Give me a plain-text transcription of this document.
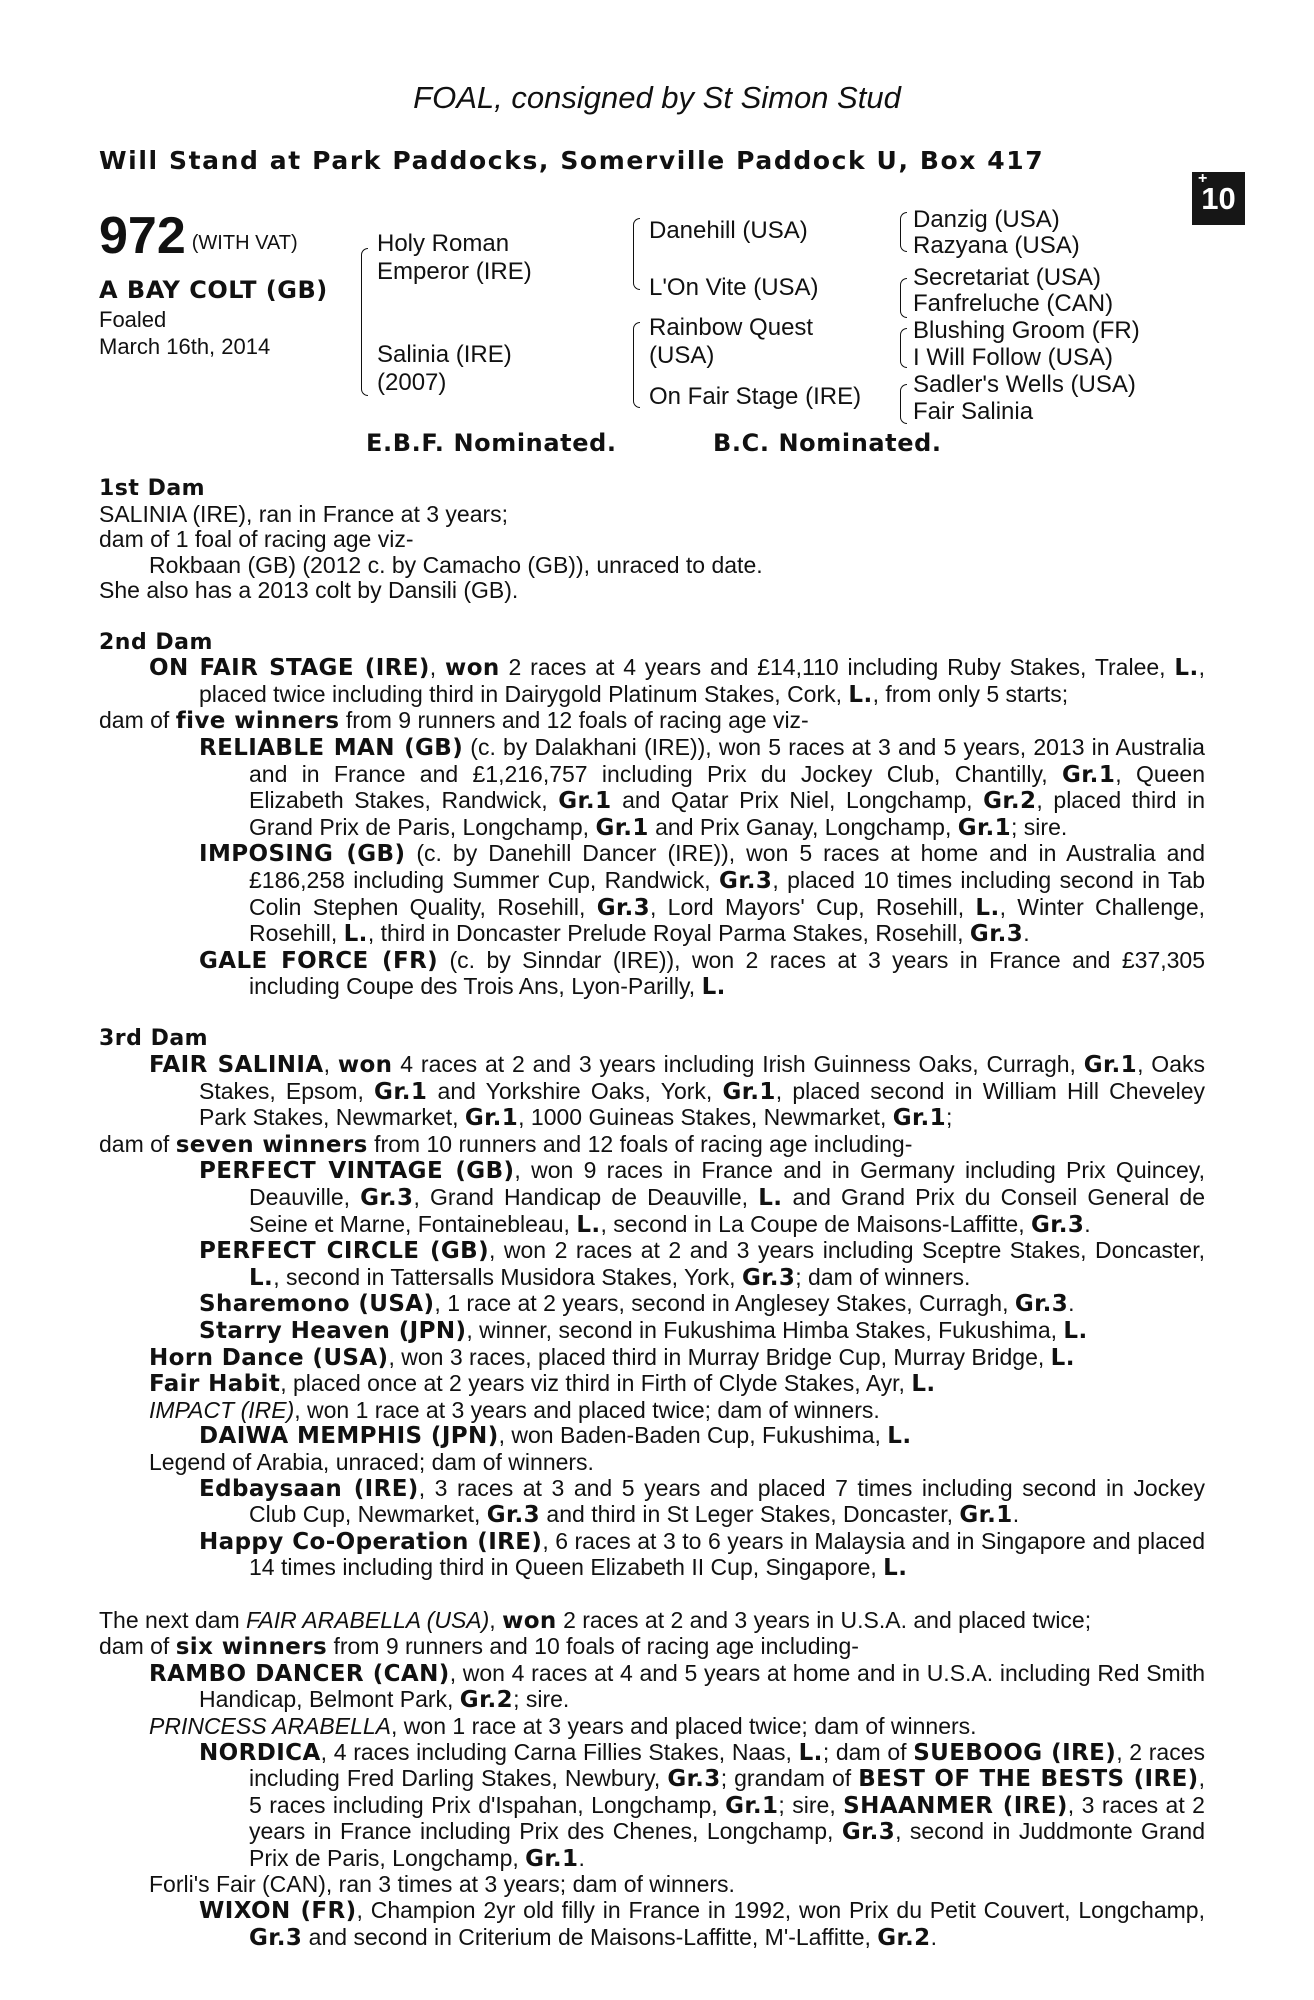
FOAL, consigned by St Simon Stud
Will Stand at Park Paddocks, Somerville Paddock U, Box 417
+
10
972 (WITH VAT)
A BAY COLT (GB)
Foaled
March 16th, 2014
Holy Roman
Emperor (IRE)
Salinia (IRE)
(2007)
Danehill (USA)
L'On Vite (USA)
Rainbow Quest
(USA)
On Fair Stage (IRE)
Danzig (USA)
Razyana (USA)
Secretariat (USA)
Fanfreluche (CAN)
Blushing Groom (FR)
I Will Follow (USA)
Sadler's Wells (USA)
Fair Salinia
E.B.F. Nominated.	B.C. Nominated.
1st Dam

SALINIA (IRE), ran in France at 3 years;

dam of 1 foal of racing age viz-

Rokbaan (GB) (2012 c. by Camacho (GB)), unraced to date.

She also has a 2013 colt by Dansili (GB).

2nd Dam

ON FAIR STAGE (IRE), won 2 races at 4 years and £14,110 including Ruby Stakes, Tralee, L., placed twice including third in Dairygold Platinum Stakes, Cork, L., from only 5 starts;

dam of five winners from 9 runners and 12 foals of racing age viz-

RELIABLE MAN (GB) (c. by Dalakhani (IRE)), won 5 races at 3 and 5 years, 2013 in Australia and in France and £1,216,757 including Prix du Jockey Club, Chantilly, Gr.1, Queen Elizabeth Stakes, Randwick, Gr.1 and Qatar Prix Niel, Longchamp, Gr.2, placed third in Grand Prix de Paris, Longchamp, Gr.1 and Prix Ganay, Longchamp, Gr.1; sire.

IMPOSING (GB) (c. by Danehill Dancer (IRE)), won 5 races at home and in Australia and £186,258 including Summer Cup, Randwick, Gr.3, placed 10 times including second in Tab Colin Stephen Quality, Rosehill, Gr.3, Lord Mayors' Cup, Rosehill, L., Winter Challenge, Rosehill, L., third in Doncaster Prelude Royal Parma Stakes, Rosehill, Gr.3.

GALE FORCE (FR) (c. by Sinndar (IRE)), won 2 races at 3 years in France and £37,305 including Coupe des Trois Ans, Lyon-Parilly, L.

3rd Dam

FAIR SALINIA, won 4 races at 2 and 3 years including Irish Guinness Oaks, Curragh, Gr.1, Oaks Stakes, Epsom, Gr.1 and Yorkshire Oaks, York, Gr.1, placed second in William Hill Cheveley Park Stakes, Newmarket, Gr.1, 1000 Guineas Stakes, Newmarket, Gr.1;

dam of seven winners from 10 runners and 12 foals of racing age including-

PERFECT VINTAGE (GB), won 9 races in France and in Germany including Prix Quincey, Deauville, Gr.3, Grand Handicap de Deauville, L. and Grand Prix du Conseil General de Seine et Marne, Fontainebleau, L., second in La Coupe de Maisons-Laffitte, Gr.3.

PERFECT CIRCLE (GB), won 2 races at 2 and 3 years including Sceptre Stakes, Doncaster, L., second in Tattersalls Musidora Stakes, York, Gr.3; dam of winners.

Sharemono (USA), 1 race at 2 years, second in Anglesey Stakes, Curragh, Gr.3.

Starry Heaven (JPN), winner, second in Fukushima Himba Stakes, Fukushima, L.

Horn Dance (USA), won 3 races, placed third in Murray Bridge Cup, Murray Bridge, L.

Fair Habit, placed once at 2 years viz third in Firth of Clyde Stakes, Ayr, L.

IMPACT (IRE), won 1 race at 3 years and placed twice; dam of winners.

DAIWA MEMPHIS (JPN), won Baden-Baden Cup, Fukushima, L.

Legend of Arabia, unraced; dam of winners.

Edbaysaan (IRE), 3 races at 3 and 5 years and placed 7 times including second in Jockey Club Cup, Newmarket, Gr.3 and third in St Leger Stakes, Doncaster, Gr.1.

Happy Co-Operation (IRE), 6 races at 3 to 6 years in Malaysia and in Singapore and placed 14 times including third in Queen Elizabeth II Cup, Singapore, L.

The next dam FAIR ARABELLA (USA), won 2 races at 2 and 3 years in U.S.A. and placed twice;

dam of six winners from 9 runners and 10 foals of racing age including-

RAMBO DANCER (CAN), won 4 races at 4 and 5 years at home and in U.S.A. including Red Smith Handicap, Belmont Park, Gr.2; sire.

PRINCESS ARABELLA, won 1 race at 3 years and placed twice; dam of winners.

NORDICA, 4 races including Carna Fillies Stakes, Naas, L.; dam of SUEBOOG (IRE), 2 races including Fred Darling Stakes, Newbury, Gr.3; grandam of BEST OF THE BESTS (IRE), 5 races including Prix d'Ispahan, Longchamp, Gr.1; sire, SHAANMER (IRE), 3 races at 2 years in France including Prix des Chenes, Longchamp, Gr.3, second in Juddmonte Grand Prix de Paris, Longchamp, Gr.1.

Forli's Fair (CAN), ran 3 times at 3 years; dam of winners.

WIXON (FR), Champion 2yr old filly in France in 1992, won Prix du Petit Couvert, Longchamp, Gr.3 and second in Criterium de Maisons-Laffitte, M'-Laffitte, Gr.2.
